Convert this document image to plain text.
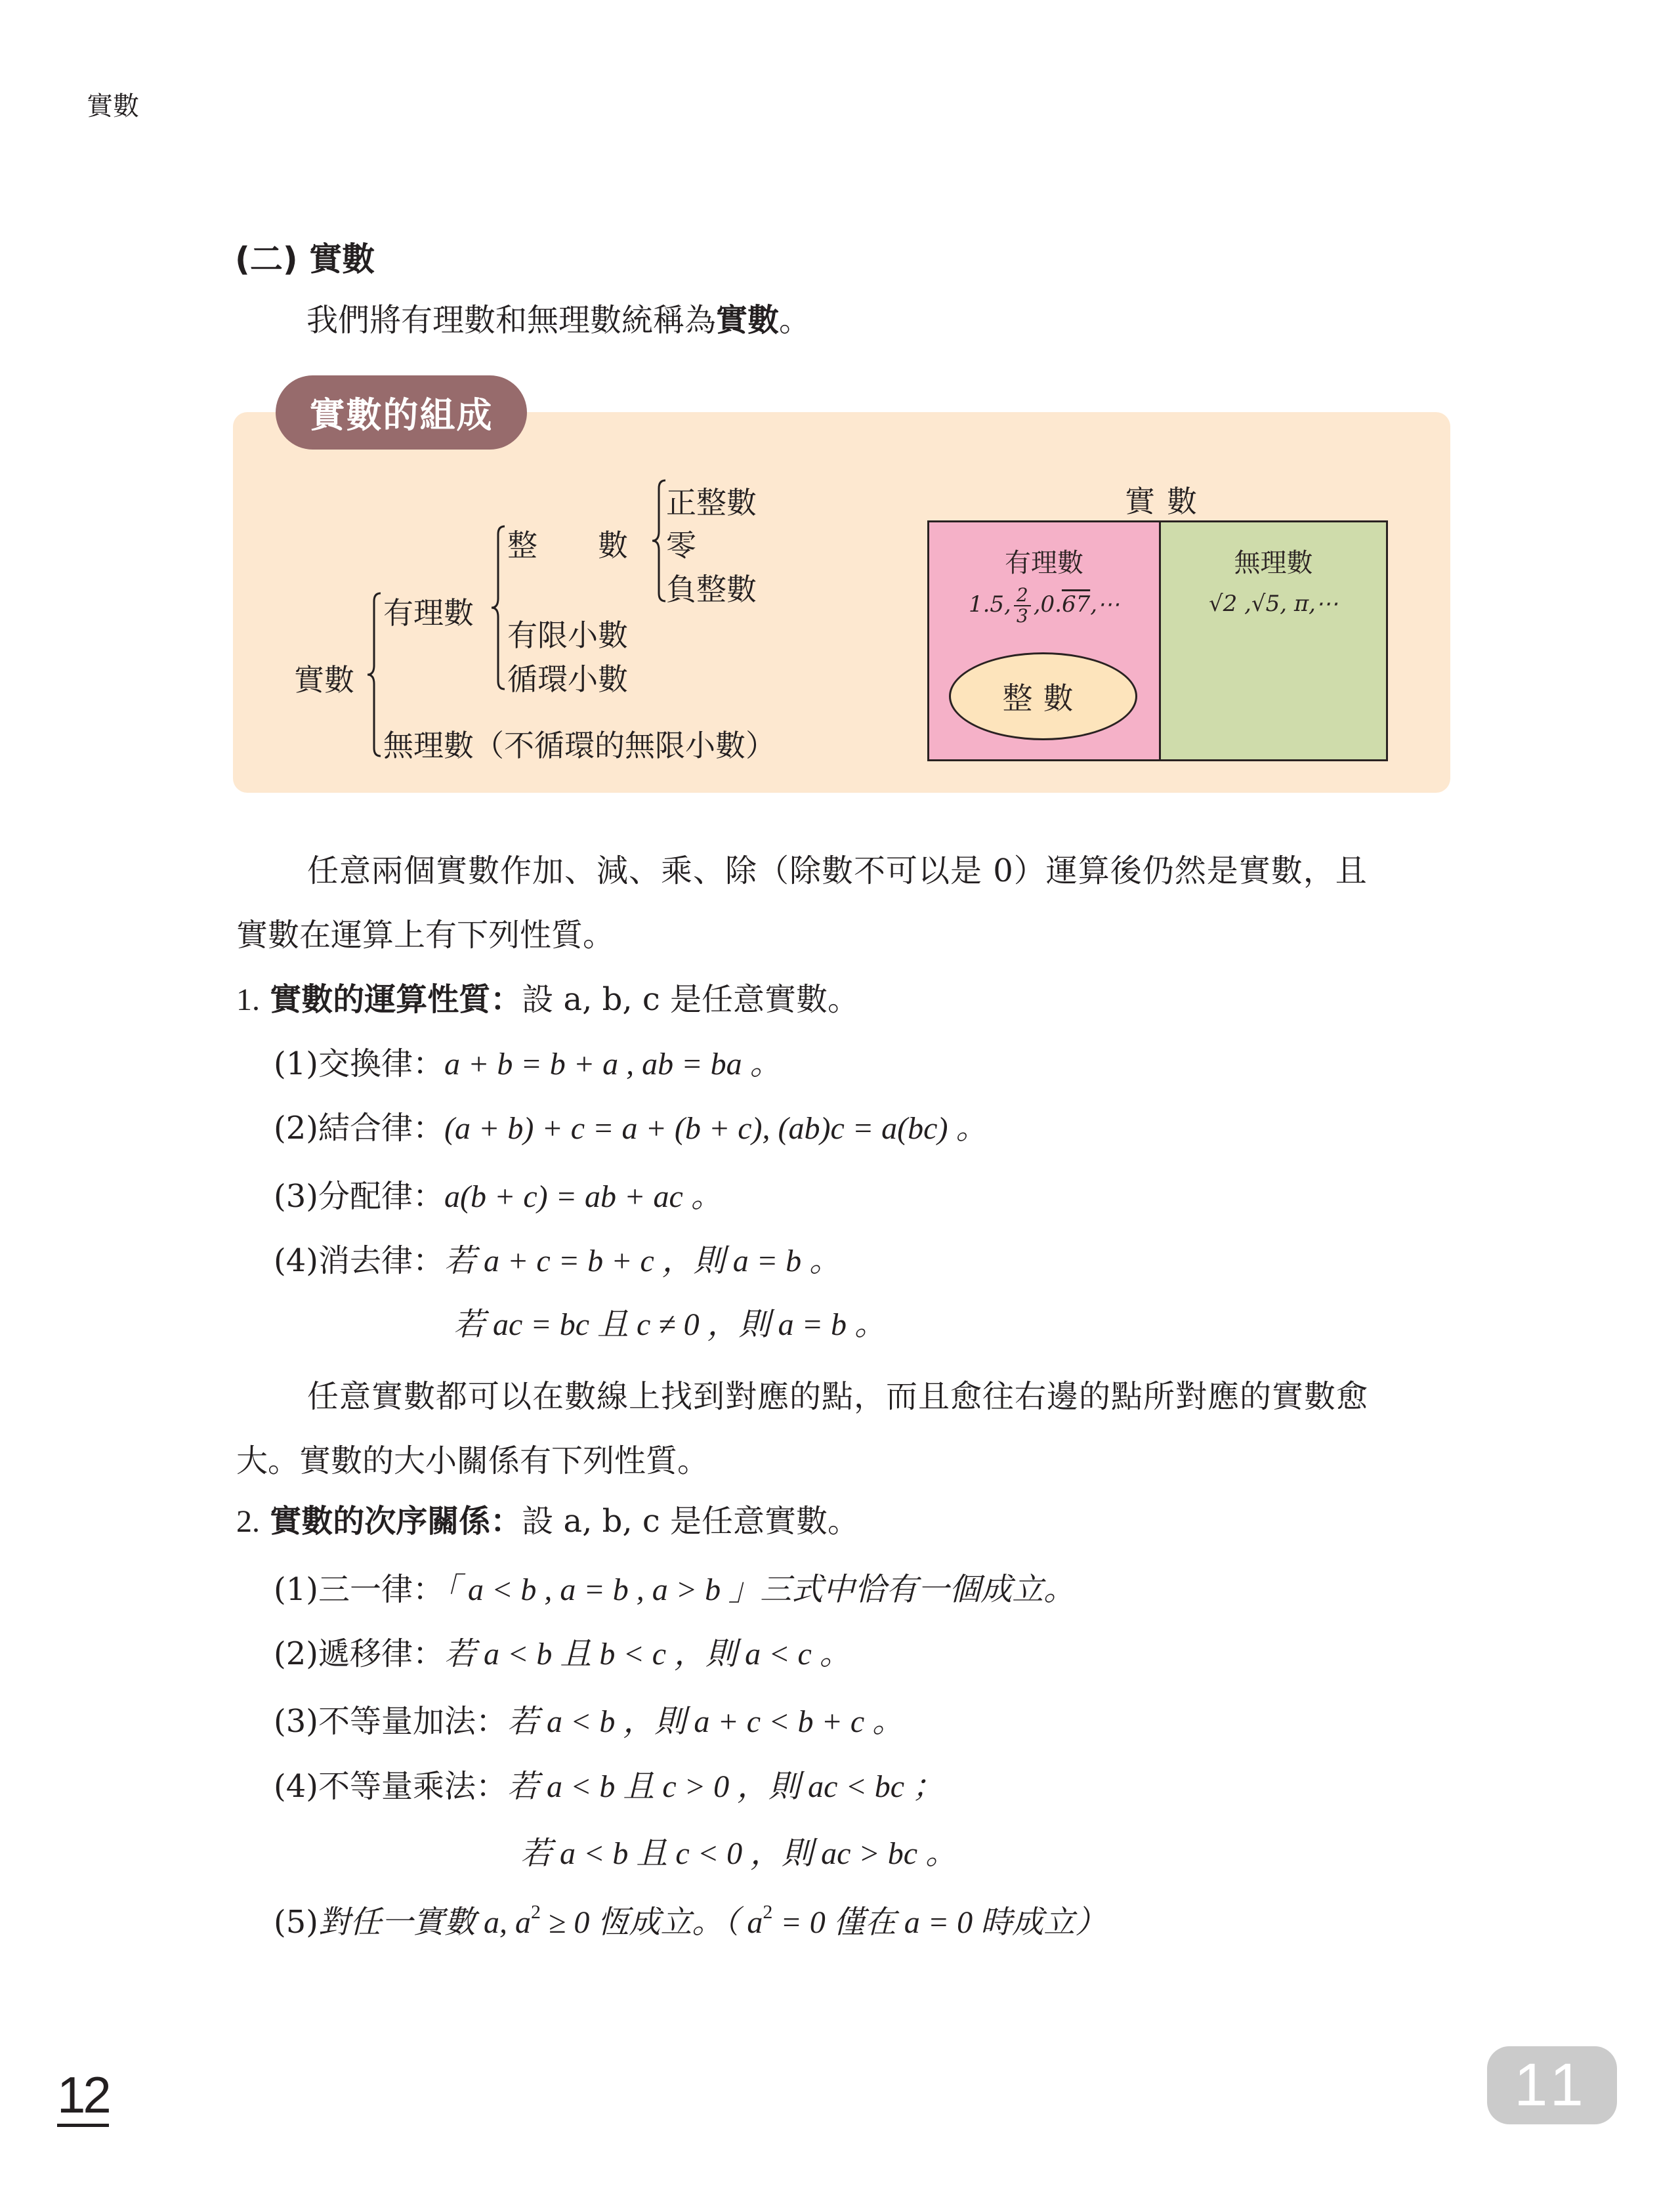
實數
(二) 實數
我們將有理數和無理數統稱為實數。
實數的組成
實數
有理數
整　　數
正整數
零
負整數
有限小數
循環小數
無理數（不循環的無限小數）
實數
有理數
1.5, $\frac{2}{3}$ ,0.67,⋯
整數
無理數
√2 ,√5, π,⋯
任意兩個實數作加、減、乘、除（除數不可以是 0）運算後仍然是實數，且
實數在運算上有下列性質。
1. 實數的運算性質：設 a, b, c 是任意實數。
(1)交換律：a + b = b + a , ab = ba 。
(2)結合律：(a + b) + c = a + (b + c), (ab)c = a(bc) 。
(3)分配律：a(b + c) = ab + ac 。
(4)消去律：若 a + c = b + c ，則 a = b 。
若 ac = bc 且 c ≠ 0 ，則 a = b 。
任意實數都可以在數線上找到對應的點，而且愈往右邊的點所對應的實數愈
大。實數的大小關係有下列性質。
2. 實數的次序關係：設 a, b, c 是任意實數。
(1)三一律：「 a < b , a = b , a > b 」三式中恰有一個成立。
(2)遞移律：若 a < b 且 b < c ，則 a < c 。
(3)不等量加法：若 a < b ，則 a + c < b + c 。
(4)不等量乘法：若 a < b 且 c > 0 ，則 ac < bc ；
若 a < b 且 c < 0 ，則 ac > bc 。
(5)對任一實數 a, $a^2 \ge 0$ 恆成立。（ $a^2 = 0$ 僅在 a = 0 時成立）
12	11
